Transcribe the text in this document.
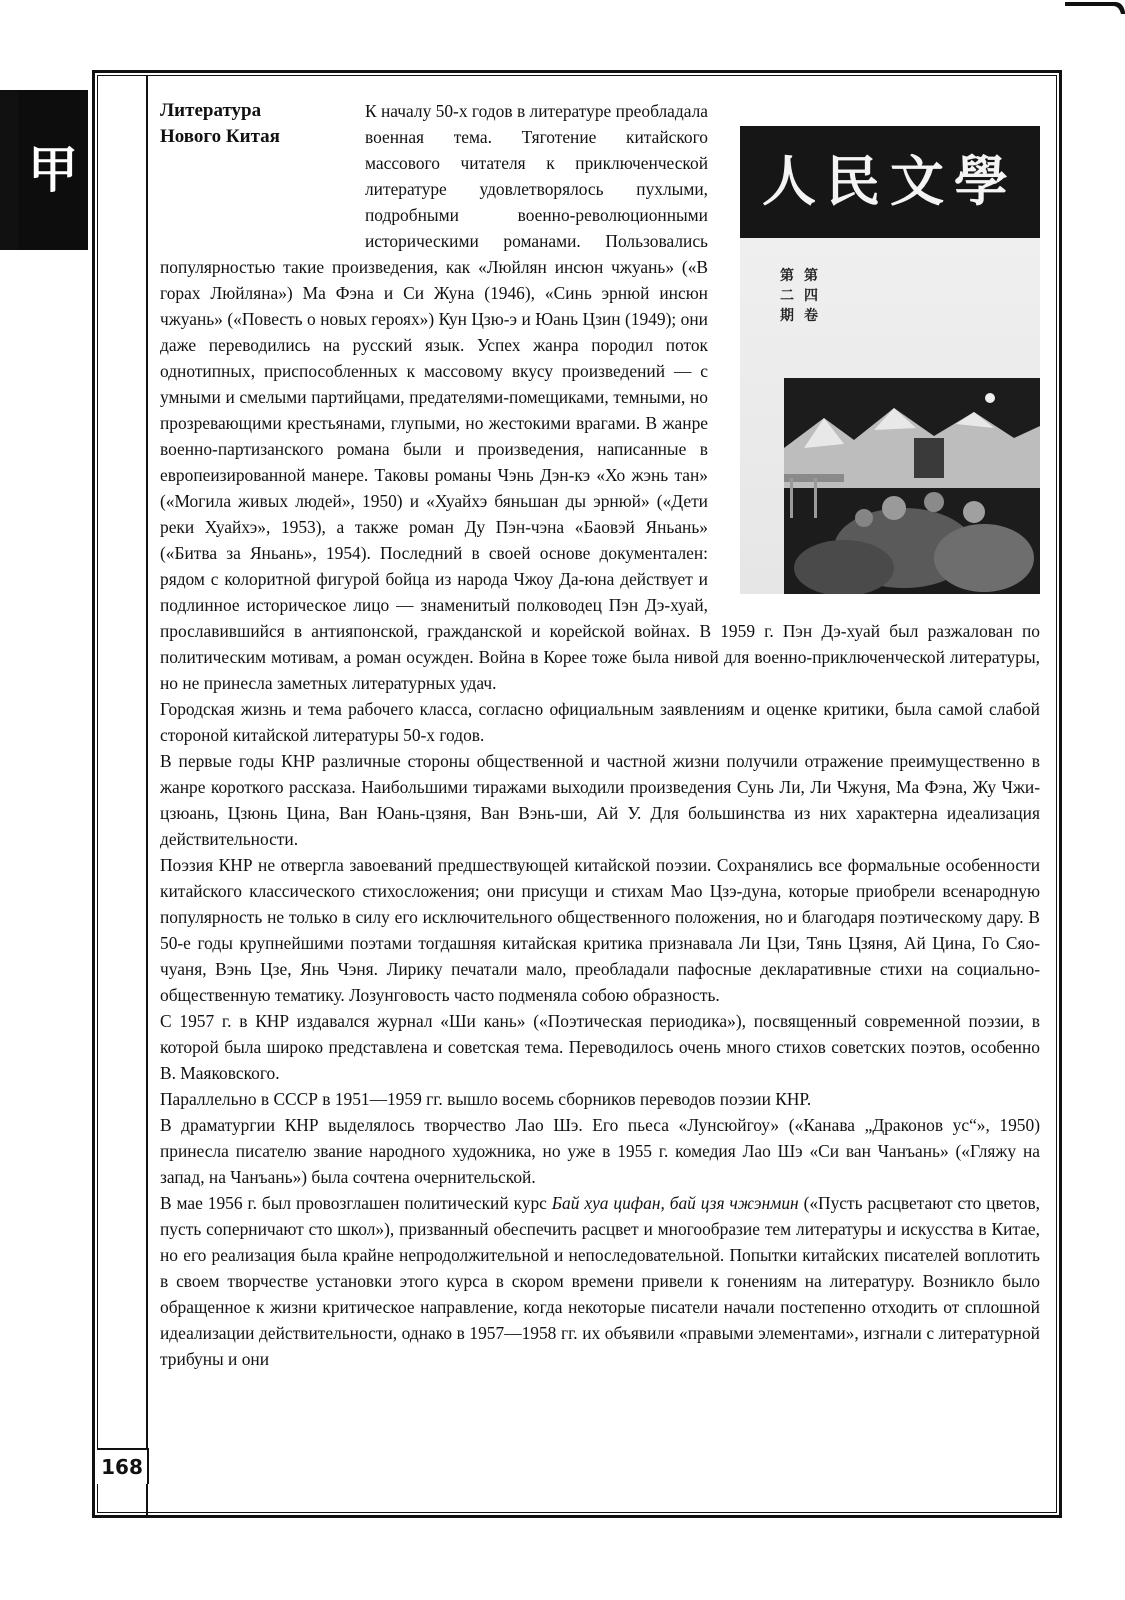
甲
Литература
Нового Китая
人民文學
第二期
第四卷

К началу 50-х годов в литературе преобладала военная тема. Тяготение китайского массового читателя к приключенческой литературе удовлетворялось пухлыми, подробными военно-революционными историческими романами. Пользовались популярностью такие произведения, как «Люйлян инсюн чжуань» («В горах Люйляна») Ма Фэна и Си Жуна (1946), «Синь эрнюй инсюн чжуань» («Повесть о новых героях») Кун Цзю-э и Юань Цзин (1949); они даже переводились на русский язык. Успех жанра породил поток однотипных, приспособленных к массовому вкусу произведений — с умными и смелыми партийцами, предателями-помещиками, темными, но прозревающими крестьянами, глупыми, но жестокими врагами. В жанре военно-партизанского романа были и произведения, написанные в европеизированной манере. Таковы романы Чэнь Дэн-кэ «Хо жэнь тан» («Могила живых людей», 1950) и «Хуайхэ бяньшан ды эрнюй» («Дети реки Хуайхэ», 1953), а также роман Ду Пэн-чэна «Баовэй Яньань» («Битва за Яньань», 1954). Последний в своей основе документален: рядом с колоритной фигурой бойца из народа Чжоу Да-юна действует и подлинное историческое лицо — знаменитый полководец Пэн Дэ-хуай, прославившийся в антияпонской, гражданской и корейской войнах. В 1959 г. Пэн Дэ-хуай был разжалован по политическим мотивам, а роман осужден. Война в Корее тоже была нивой для военно-приключенческой литературы, но не принесла заметных литературных удач.

Городская жизнь и тема рабочего класса, согласно официальным заявлениям и оценке критики, была самой слабой стороной китайской литературы 50-х годов.

В первые годы КНР различные стороны общественной и частной жизни получили отражение преимущественно в жанре короткого рассказа. Наибольшими тиражами выходили произведения Сунь Ли, Ли Чжуня, Ма Фэна, Жу Чжи-цзюань, Цзюнь Цина, Ван Юань-цзяня, Ван Вэнь-ши, Ай У. Для большинства из них характерна идеализация действительности.

Поэзия КНР не отвергла завоеваний предшествующей китайской поэзии. Сохранялись все формальные особенности китайского классического стихосложения; они присущи и стихам Мао Цзэ-дуна, которые приобрели всенародную популярность не только в силу его исключительного общественного положения, но и благодаря поэтическому дару. В 50-е годы крупнейшими поэтами тогдашняя китайская критика признавала Ли Цзи, Тянь Цзяня, Ай Цина, Го Сяо-чуаня, Вэнь Цзе, Янь Чэня. Лирику печатали мало, преобладали пафосные декларативные стихи на социально-общественную тематику. Лозунговость часто подменяла собою образность.

С 1957 г. в КНР издавался журнал «Ши кань» («Поэтическая периодика»), посвященный современной поэзии, в которой была широко представлена и советская тема. Переводилось очень много стихов советских поэтов, особенно В. Маяковского.

Параллельно в СССР в 1951—1959 гг. вышло восемь сборников переводов поэзии КНР.

В драматургии КНР выделялось творчество Лао Шэ. Его пьеса «Лунсюйгоу» («Канава „Драконов ус“», 1950) принесла писателю звание народного художника, но уже в 1955 г. комедия Лао Шэ «Си ван Чанъань» («Гляжу на запад, на Чанъань») была сочтена очернительской.

В мае 1956 г. был провозглашен политический курс Бай хуа цифан, бай цзя чжэнмин («Пусть расцветают сто цветов, пусть соперничают сто школ»), призванный обеспечить расцвет и многообразие тем литературы и искусства в Китае, но его реализация была крайне непродолжительной и непоследовательной. Попытки китайских писателей воплотить в своем творчестве установки этого курса в скором времени привели к гонениям на литературу. Возникло было обращенное к жизни критическое направление, когда некоторые писатели начали постепенно отходить от сплошной идеализации действительности, однако в 1957—1958 гг. их объявили «правыми элементами», изгнали с литературной трибуны и они

168
